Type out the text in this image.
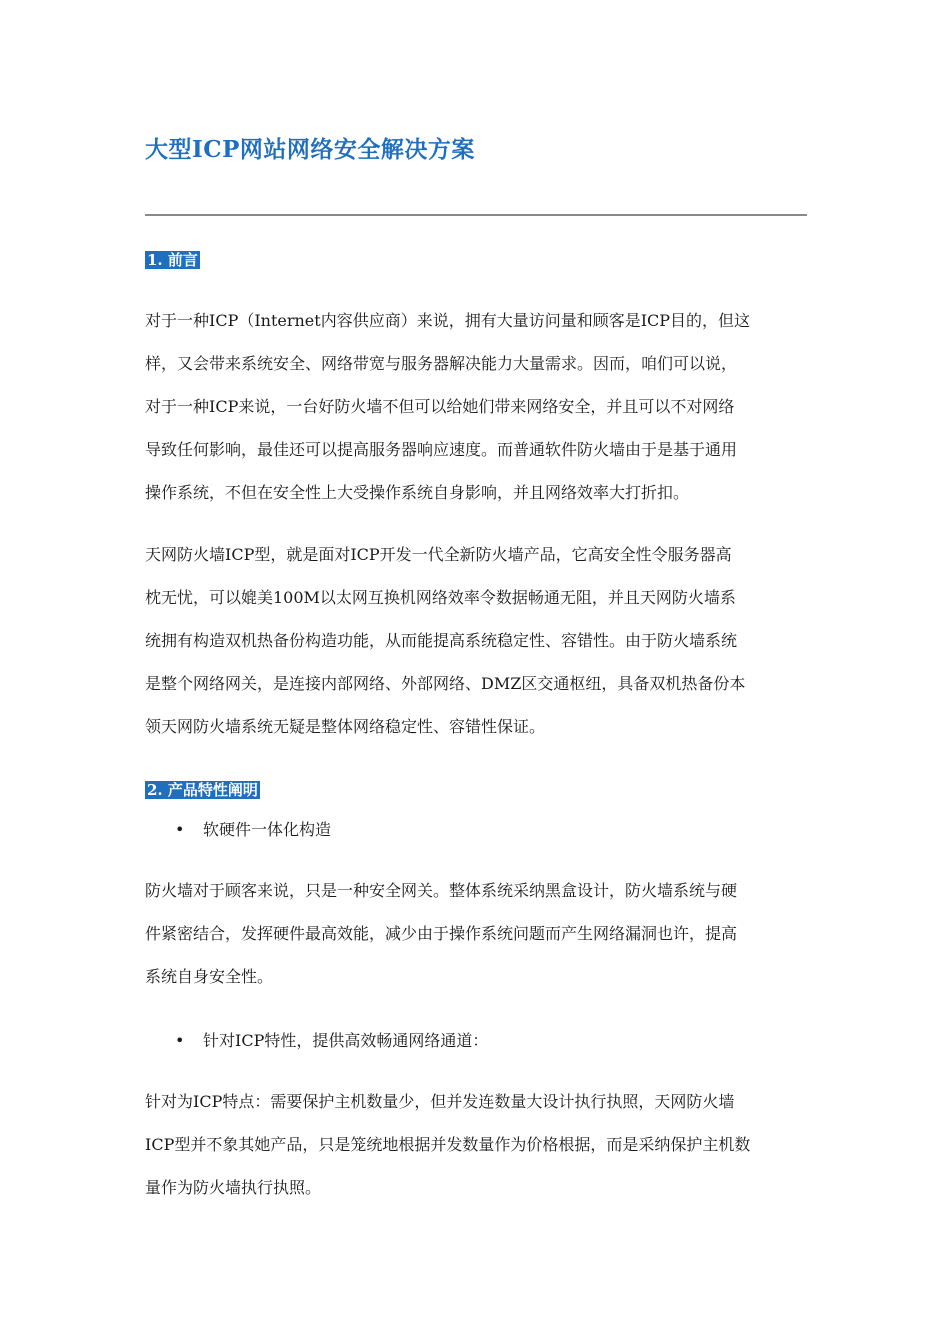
大型ICP网站网络安全解决方案
1. 前言
对于一种ICP（Internet内容供应商）来说，拥有大量访问量和顾客是ICP目的，但这
样，又会带来系统安全、网络带宽与服务器解决能力大量需求。因而，咱们可以说，
对于一种ICP来说，一台好防火墙不但可以给她们带来网络安全，并且可以不对网络
导致任何影响，最佳还可以提高服务器响应速度。而普通软件防火墙由于是基于通用
操作系统，不但在安全性上大受操作系统自身影响，并且网络效率大打折扣。
天网防火墙ICP型，就是面对ICP开发一代全新防火墙产品，它高安全性令服务器高
枕无忧，可以媲美100M以太网互换机网络效率令数据畅通无阻，并且天网防火墙系
统拥有构造双机热备份构造功能，从而能提高系统稳定性、容错性。由于防火墙系统
是整个网络网关，是连接内部网络、外部网络、DMZ区交通枢纽，具备双机热备份本
领天网防火墙系统无疑是整体网络稳定性、容错性保证。
2. 产品特性阐明
• 软硬件一体化构造
防火墙对于顾客来说，只是一种安全网关。整体系统采纳黑盒设计，防火墙系统与硬
件紧密结合，发挥硬件最高效能，减少由于操作系统问题而产生网络漏洞也许，提高
系统自身安全性。
• 针对ICP特性，提供高效畅通网络通道：
针对为ICP特点：需要保护主机数量少，但并发连数量大设计执行执照，天网防火墙
ICP型并不象其她产品，只是笼统地根据并发数量作为价格根据，而是采纳保护主机数
量作为防火墙执行执照。
